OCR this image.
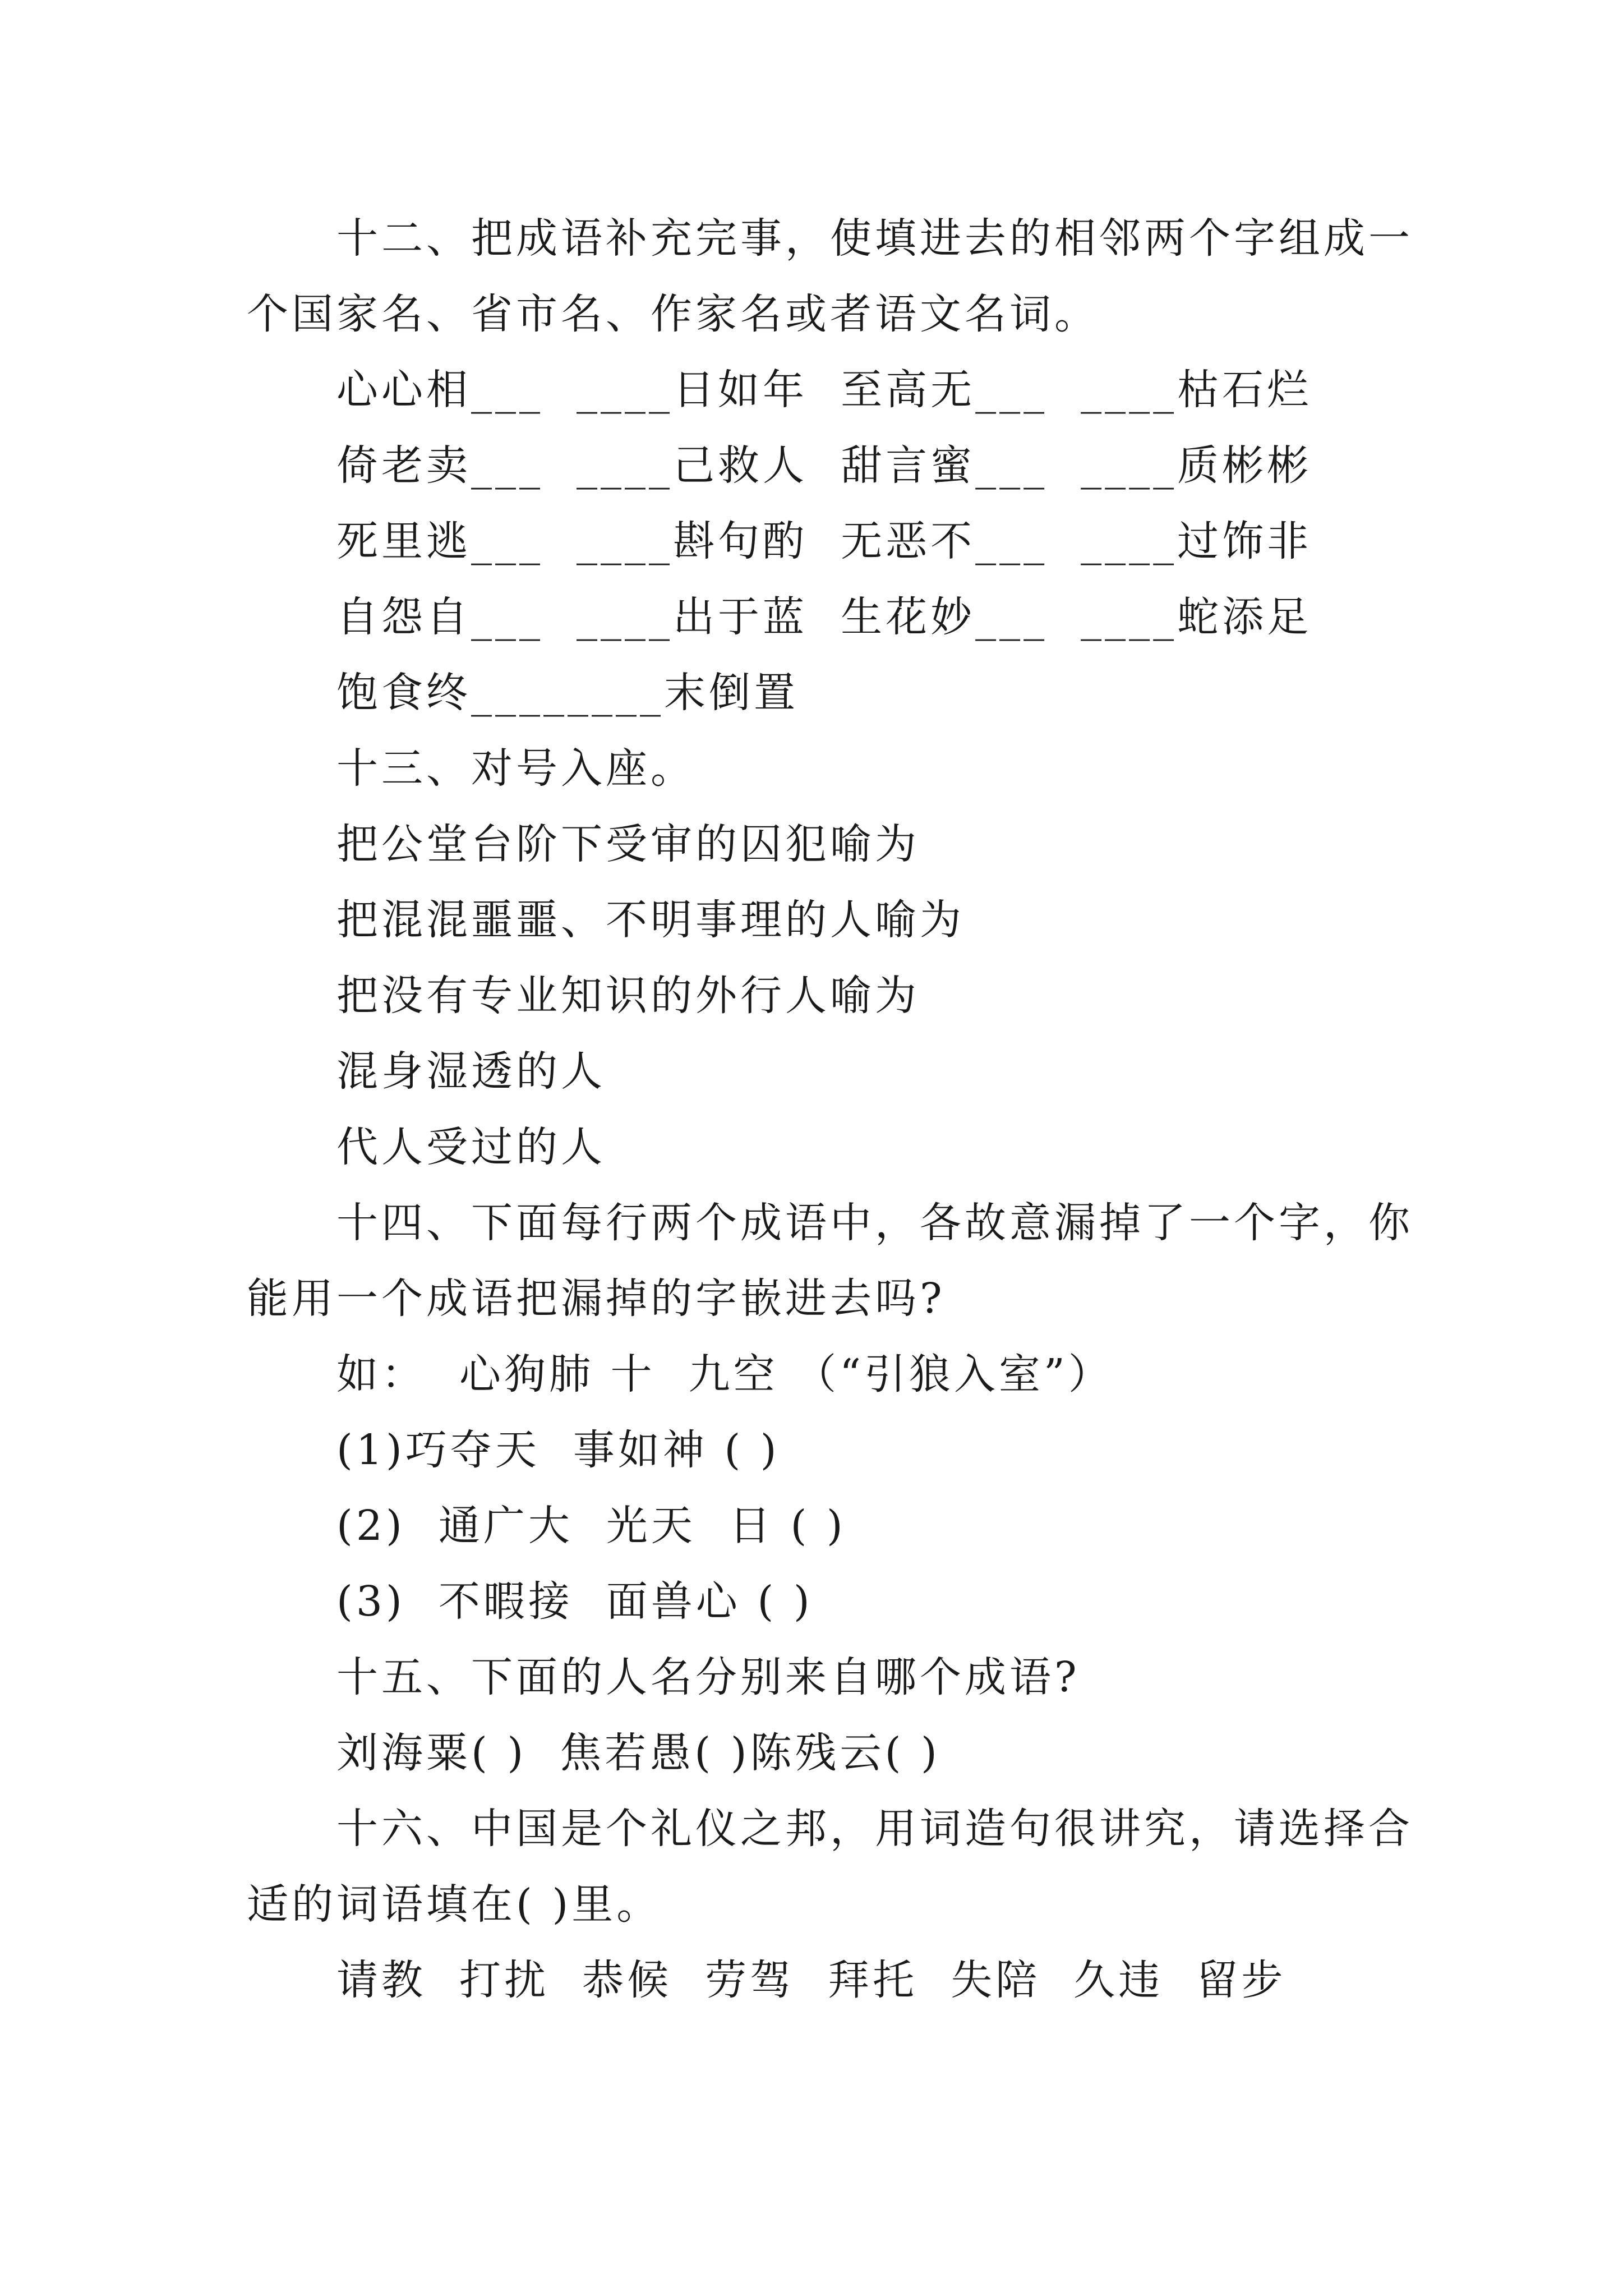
十二、把成语补充完事，使填进去的相邻两个字组成一
个国家名、省市名、作家名或者语文名词。
心心相___  ____日如年  至高无___  ____枯石烂
倚老卖___  ____己救人  甜言蜜___  ____质彬彬
死里逃___  ____斟句酌  无恶不___  ____过饰非
自怨自___  ____出于蓝  生花妙___  ____蛇添足
饱食终________末倒置
十三、对号入座。
把公堂台阶下受审的囚犯喻为
把混混噩噩、不明事理的人喻为
把没有专业知识的外行人喻为
混身湿透的人
代人受过的人
十四、下面每行两个成语中，各故意漏掉了一个字，你
能用一个成语把漏掉的字嵌进去吗?
如：  心狗肺 十  九空 （“引狼入室”）
(1)巧夺天  事如神 ( )
(2)  通广大  光天  日 ( )
(3)  不暇接  面兽心 ( )
十五、下面的人名分别来自哪个成语?
刘海粟( )  焦若愚( )陈残云( )
十六、中国是个礼仪之邦，用词造句很讲究，请选择合
适的词语填在( )里。
请教  打扰  恭候  劳驾  拜托  失陪  久违  留步
